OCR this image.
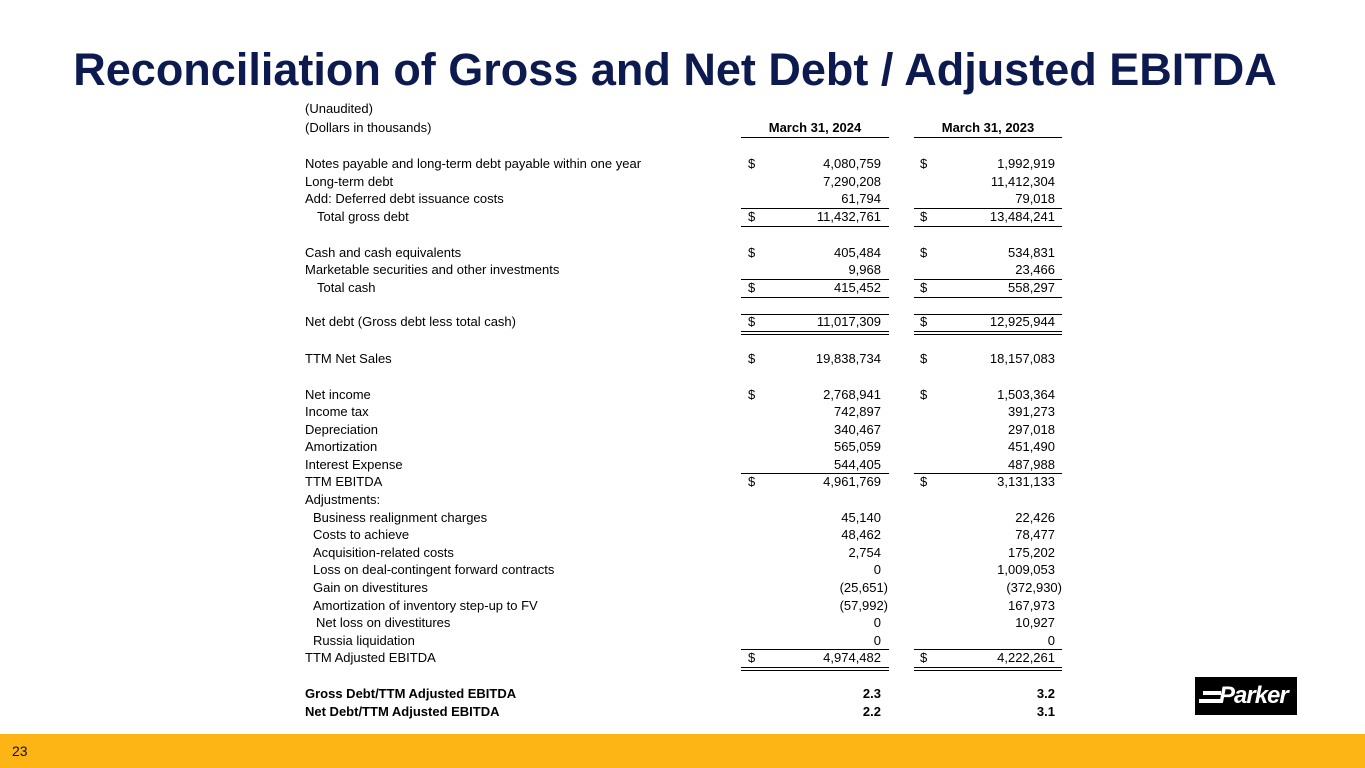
Reconciliation of Gross and Net Debt / Adjusted EBITDA
(Unaudited)
(Dollars in thousands)	March 31, 2024	March 31, 2023
Notes payable and long-term debt payable within one year	$	4,080,759	$	1,992,919
Long-term debt	7,290,208	11,412,304
Add: Deferred debt issuance costs	61,794	79,018
Total gross debt	$	11,432,761	$	13,484,241
Cash and cash equivalents	$	405,484	$	534,831
Marketable securities and other investments	9,968	23,466
Total cash	$	415,452	$	558,297
Net debt (Gross debt less total cash)	$	11,017,309	$	12,925,944
TTM Net Sales	$	19,838,734	$	18,157,083
Net income	$	2,768,941	$	1,503,364
Income tax	742,897	391,273
Depreciation	340,467	297,018
Amortization	565,059	451,490
Interest Expense	544,405	487,988
TTM EBITDA	$	4,961,769	$	3,131,133
Adjustments:
Business realignment charges	45,140	22,426
Costs to achieve	48,462	78,477
Acquisition-related costs	2,754	175,202
Loss on deal-contingent forward contracts	0	1,009,053
Gain on divestitures	(25,651)	(372,930)
Amortization of inventory step-up to FV	(57,992)	167,973
Net loss on divestitures	0	10,927
Russia liquidation	0	0
TTM Adjusted EBITDA	$	4,974,482	$	4,222,261
Gross Debt/TTM Adjusted EBITDA	2.3	3.2
Net Debt/TTM Adjusted EBITDA	2.2	3.1
Parker
23
